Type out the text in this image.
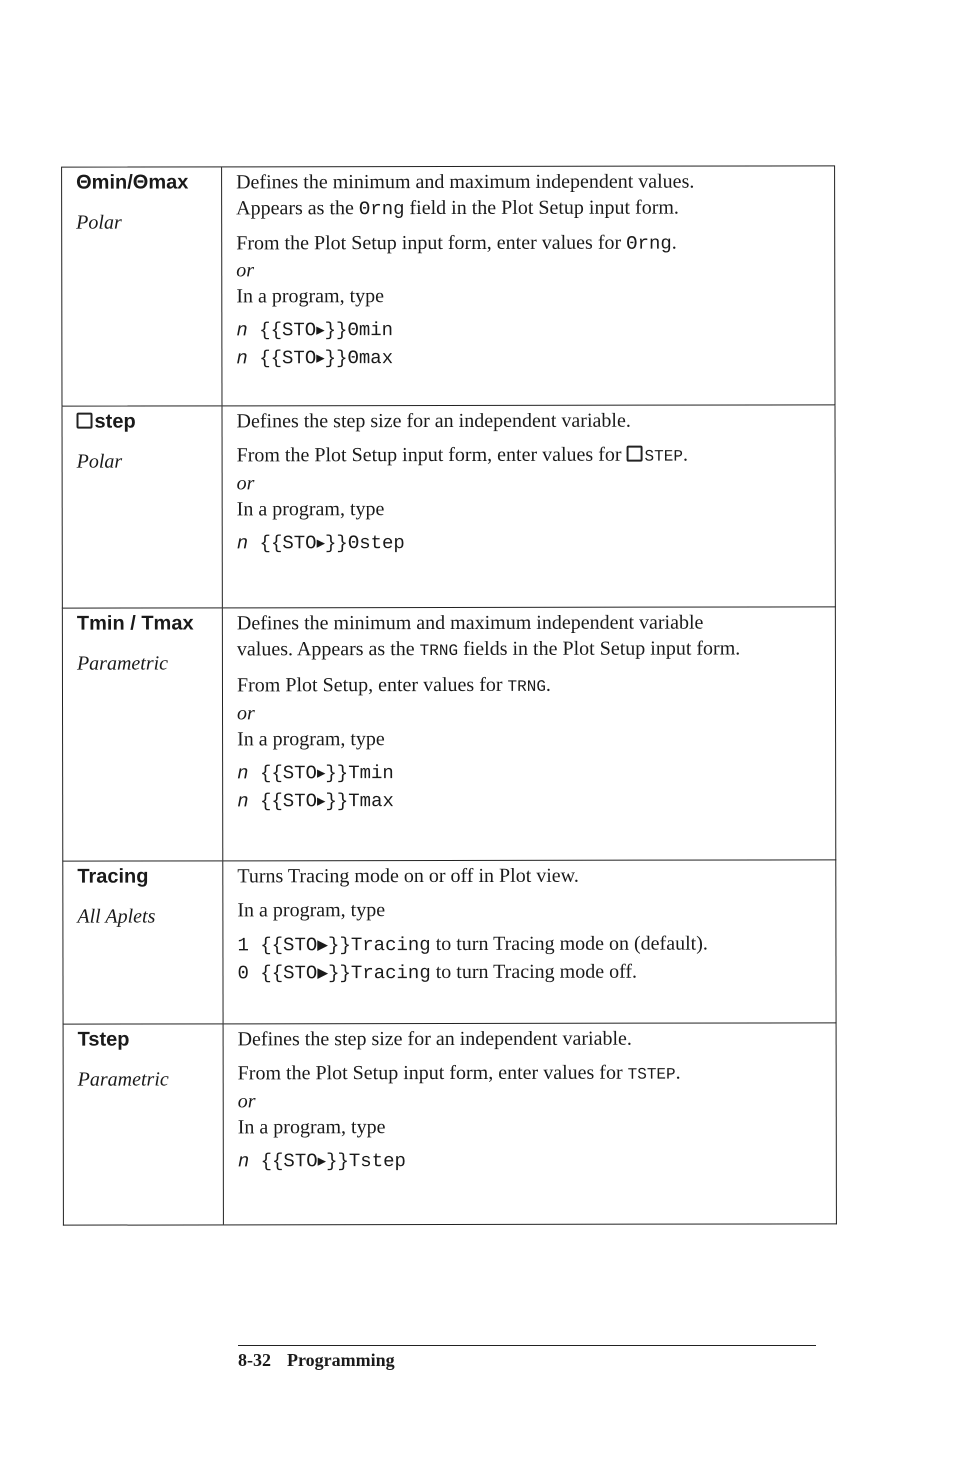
Θmin/Θmax
Polar

Defines the minimum and maximum independent values.

Appears as the Θrng field in the Plot Setup input form.

From the Plot Setup input form, enter values for Θrng.

or

In a program, type

n {{STO▶}}Θmin
n {{STO▶}}Θmax
step
Polar

Defines the step size for an independent variable.

From the Plot Setup input form, enter values for STEP.

or

In a program, type

n {{STO▶}}Θstep
Tmin / Tmax
Parametric

Defines the minimum and maximum independent variable

values. Appears as the TRNG fields in the Plot Setup input form.

From Plot Setup, enter values for TRNG.

or

In a program, type

n {{STO▶}}Tmin
n {{STO▶}}Tmax
Tracing
All Aplets

Turns Tracing mode on or off in Plot view.

In a program, type

1 {{STO▶}}Tracing to turn Tracing mode on (default).
0 {{STO▶}}Tracing to turn Tracing mode off.
Tstep
Parametric

Defines the step size for an independent variable.

From the Plot Setup input form, enter values for TSTEP.

or

In a program, type

n {{STO▶}}Tstep
8-32 Programming
